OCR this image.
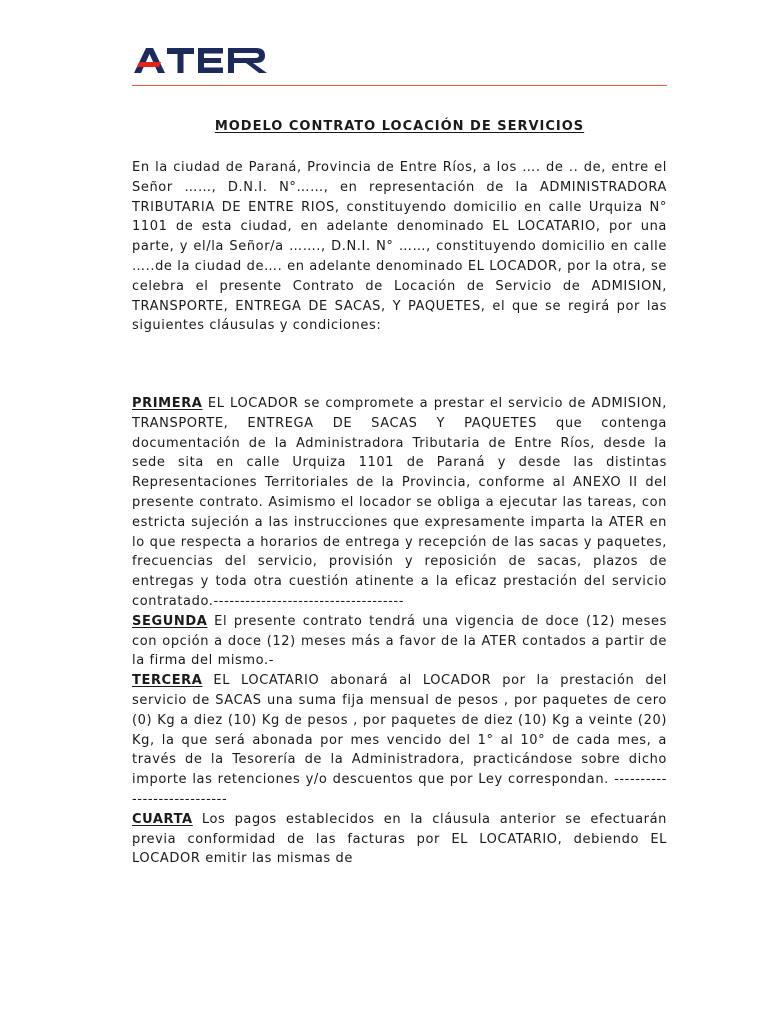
MODELO CONTRATO LOCACIÓN DE SERVICIOS

En la ciudad de Paraná, Provincia de Entre Ríos, a los …. de .. de, entre el Señor ……, D.N.I. N°……, en representación de la ADMINISTRADORA TRIBUTARIA DE ENTRE RIOS, constituyendo domicilio en calle Urquiza N° 1101 de esta ciudad, en adelante denominado EL LOCATARIO, por una parte, y el/la Señor/a ……., D.N.I. N° ……, constituyendo domicilio en calle …..de la ciudad de…. en adelante denominado EL LOCADOR, por la otra, se celebra el presente Contrato de Locación de Servicio de ADMISION, TRANSPORTE, ENTREGA DE SACAS, Y PAQUETES, el que se regirá por las siguientes cláusulas y condiciones:

PRIMERA EL LOCADOR se compromete a prestar el servicio de ADMISION, TRANSPORTE, ENTREGA DE SACAS Y PAQUETES que contenga documentación de la Administradora Tributaria de Entre Ríos, desde la sede sita en calle Urquiza 1101 de Paraná y desde las distintas Representaciones Territoriales de la Provincia, conforme al ANEXO II del presente contrato. Asimismo el locador se obliga a ejecutar las tareas, con estricta sujeción a las instrucciones que expresamente imparta la ATER en lo que respecta a horarios de entrega y recepción de las sacas y paquetes, frecuencias del servicio, provisión y reposición de sacas, plazos de entregas y toda otra cuestión atinente a la eficaz prestación del servicio contratado.------------------------------------

SEGUNDA El presente contrato tendrá una vigencia de doce (12) meses con opción a doce (12) meses más a favor de la ATER contados a partir de la firma del mismo.-

TERCERA EL LOCATARIO abonará al LOCADOR por la prestación del servicio de SACAS una suma fija mensual de pesos , por paquetes de cero (0) Kg a diez (10) Kg de pesos , por paquetes de diez (10) Kg a veinte (20) Kg, la que será abonada por mes vencido del 1° al 10° de cada mes, a través de la Tesorería de la Administradora, practicándose sobre dicho importe las retenciones y/o descuentos que por Ley correspondan. ----------------------------

CUARTA Los pagos establecidos en la cláusula anterior se efectuarán previa conformidad de las facturas por EL LOCATARIO, debiendo EL LOCADOR emitir las mismas de
